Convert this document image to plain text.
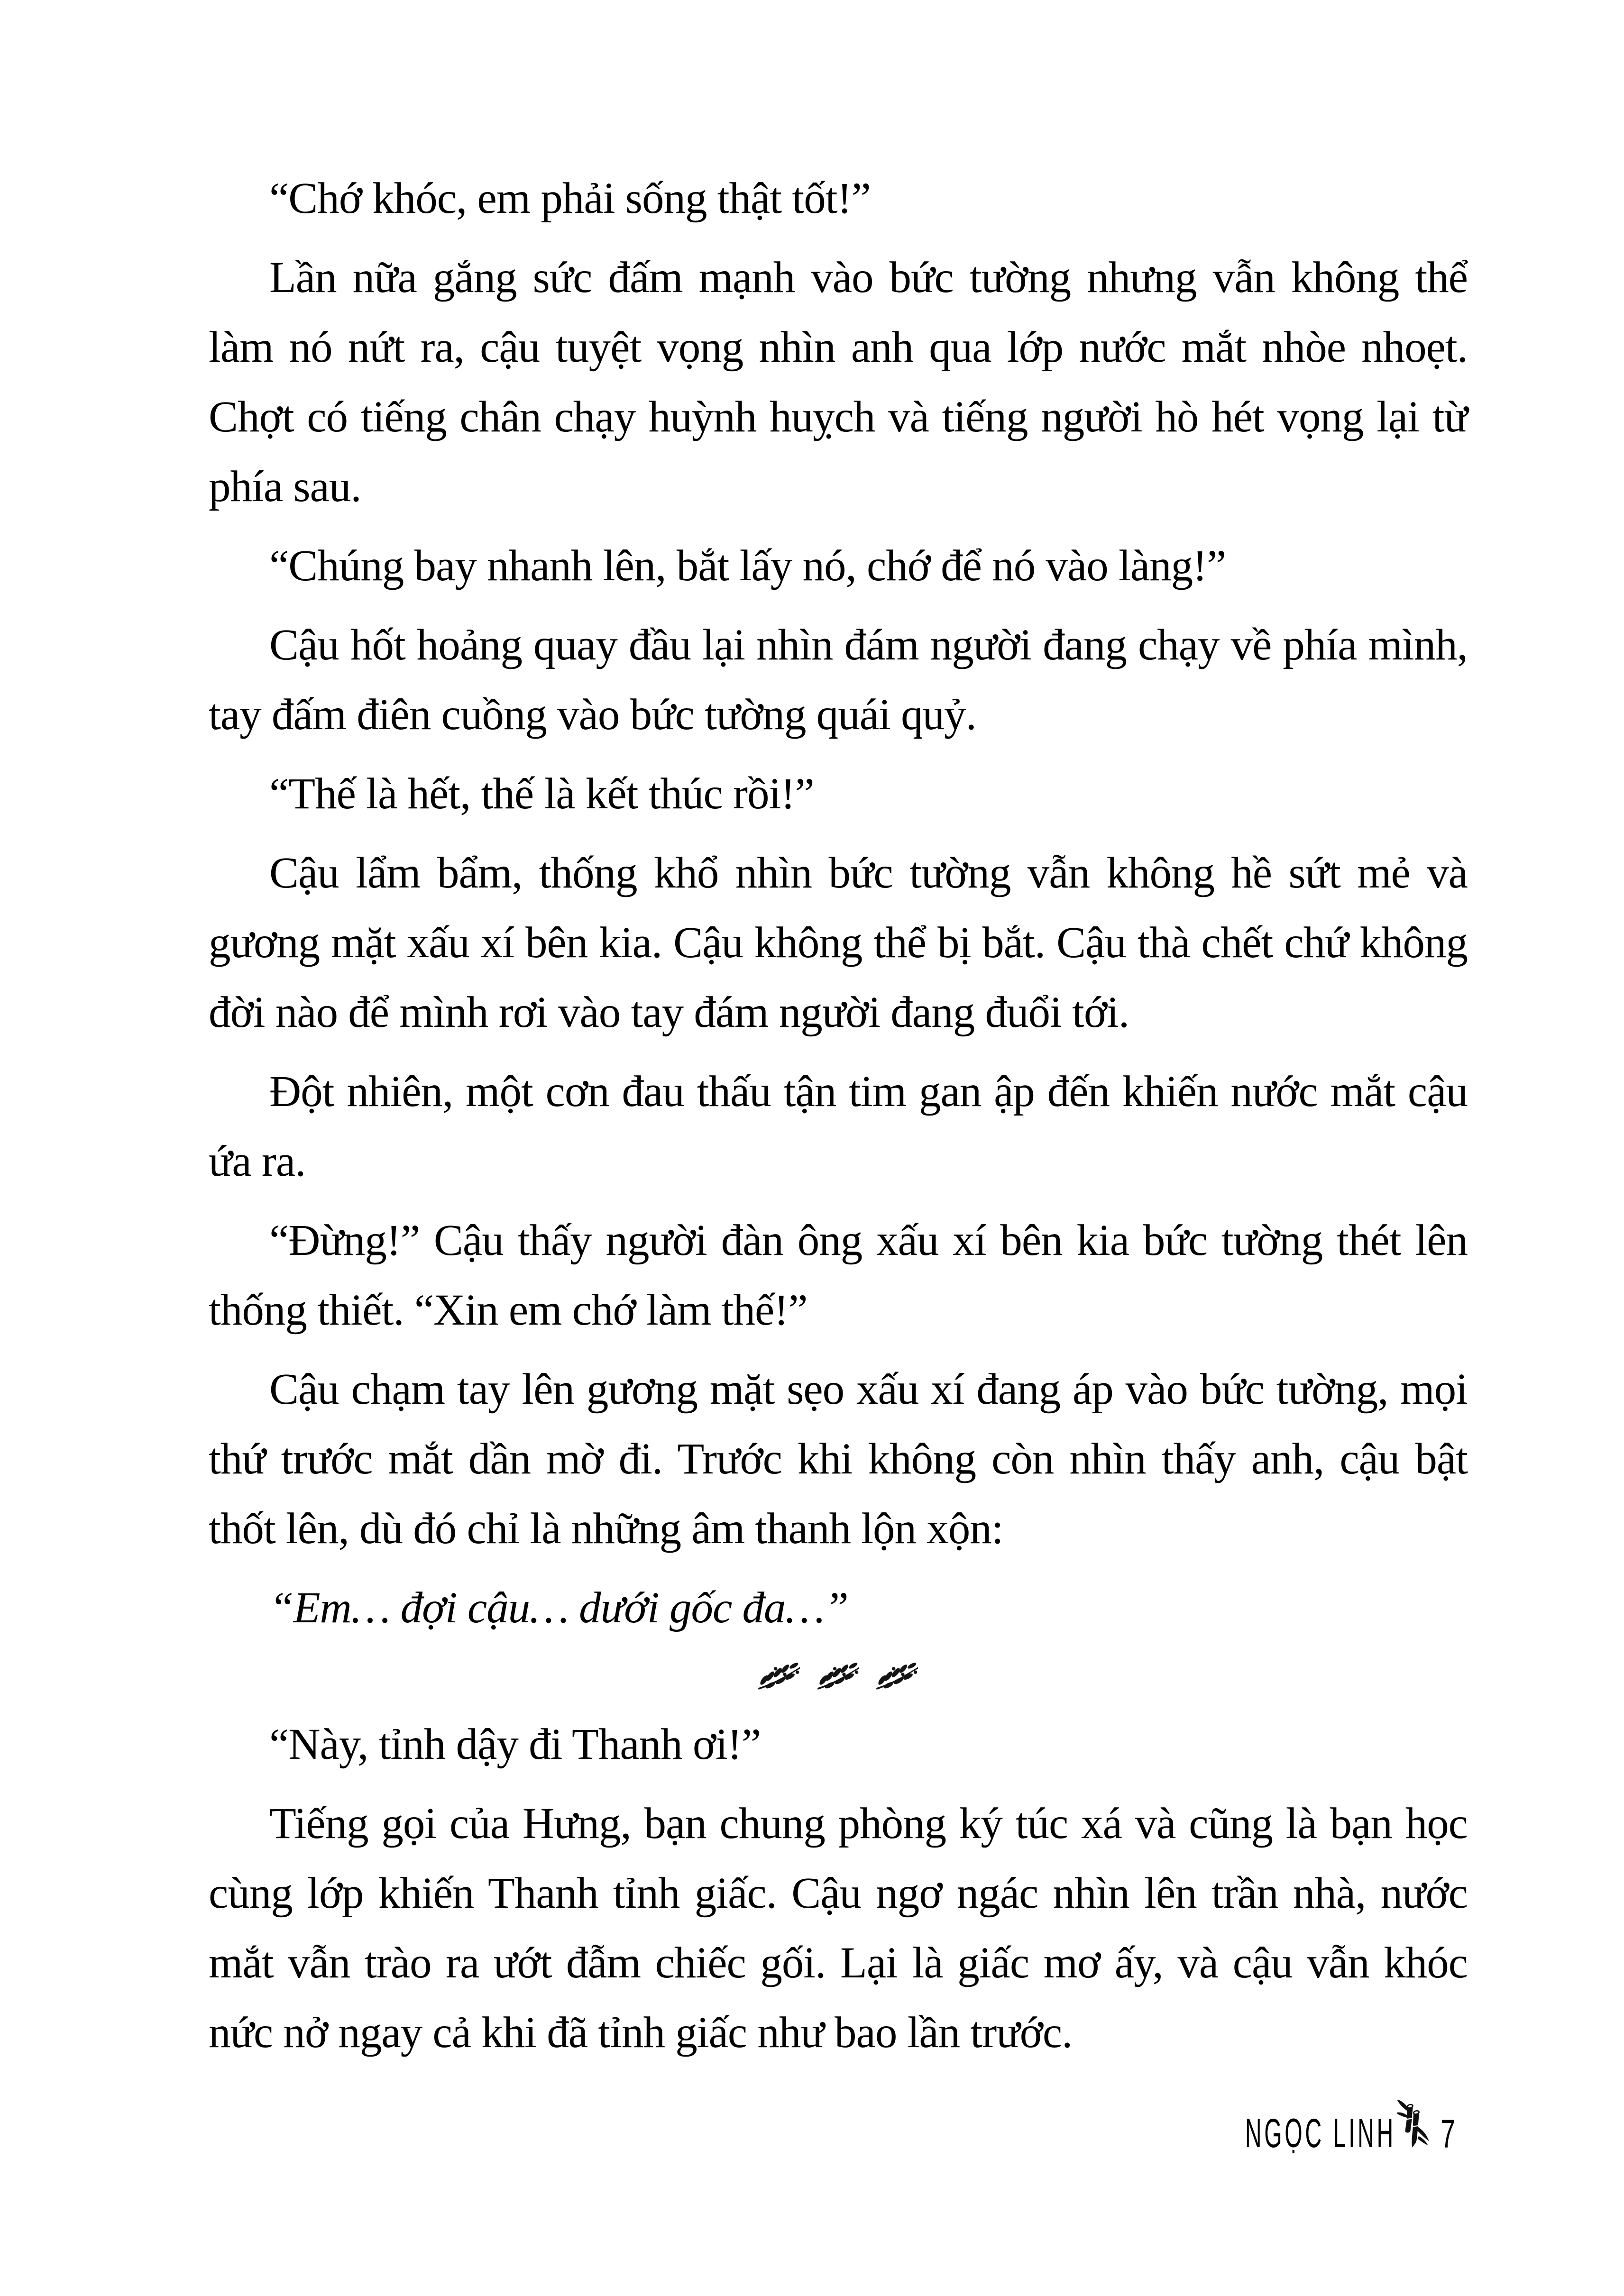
“Chớ khóc, em phải sống thật tốt!”

Lần nữa gắng sức đấm mạnh vào bức tường nhưng vẫn không thể làm nó nứt ra, cậu tuyệt vọng nhìn anh qua lớp nước mắt nhòe nhoẹt. Chợt có tiếng chân chạy huỳnh huỵch và tiếng người hò hét vọng lại từ phía sau.

“Chúng bay nhanh lên, bắt lấy nó, chớ để nó vào làng!”

Cậu hốt hoảng quay đầu lại nhìn đám người đang chạy về phía mình, tay đấm điên cuồng vào bức tường quái quỷ.

“Thế là hết, thế là kết thúc rồi!”

Cậu lẩm bẩm, thống khổ nhìn bức tường vẫn không hề sứt mẻ và gương mặt xấu xí bên kia. Cậu không thể bị bắt. Cậu thà chết chứ không đời nào để mình rơi vào tay đám người đang đuổi tới.

Đột nhiên, một cơn đau thấu tận tim gan ập đến khiến nước mắt cậu ứa ra.

“Đừng!” Cậu thấy người đàn ông xấu xí bên kia bức tường thét lên thống thiết. “Xin em chớ làm thế!”

Cậu chạm tay lên gương mặt sẹo xấu xí đang áp vào bức tường, mọi thứ trước mắt dần mờ đi. Trước khi không còn nhìn thấy anh, cậu bật thốt lên, dù đó chỉ là những âm thanh lộn xộn:

“Em… đợi cậu… dưới gốc đa…”

“Này, tỉnh dậy đi Thanh ơi!”

Tiếng gọi của Hưng, bạn chung phòng ký túc xá và cũng là bạn học cùng lớp khiến Thanh tỉnh giấc. Cậu ngơ ngác nhìn lên trần nhà, nước mắt vẫn trào ra ướt đẫm chiếc gối. Lại là giấc mơ ấy, và cậu vẫn khóc nức nở ngay cả khi đã tỉnh giấc như bao lần trước.

NGỌC LINH 7
